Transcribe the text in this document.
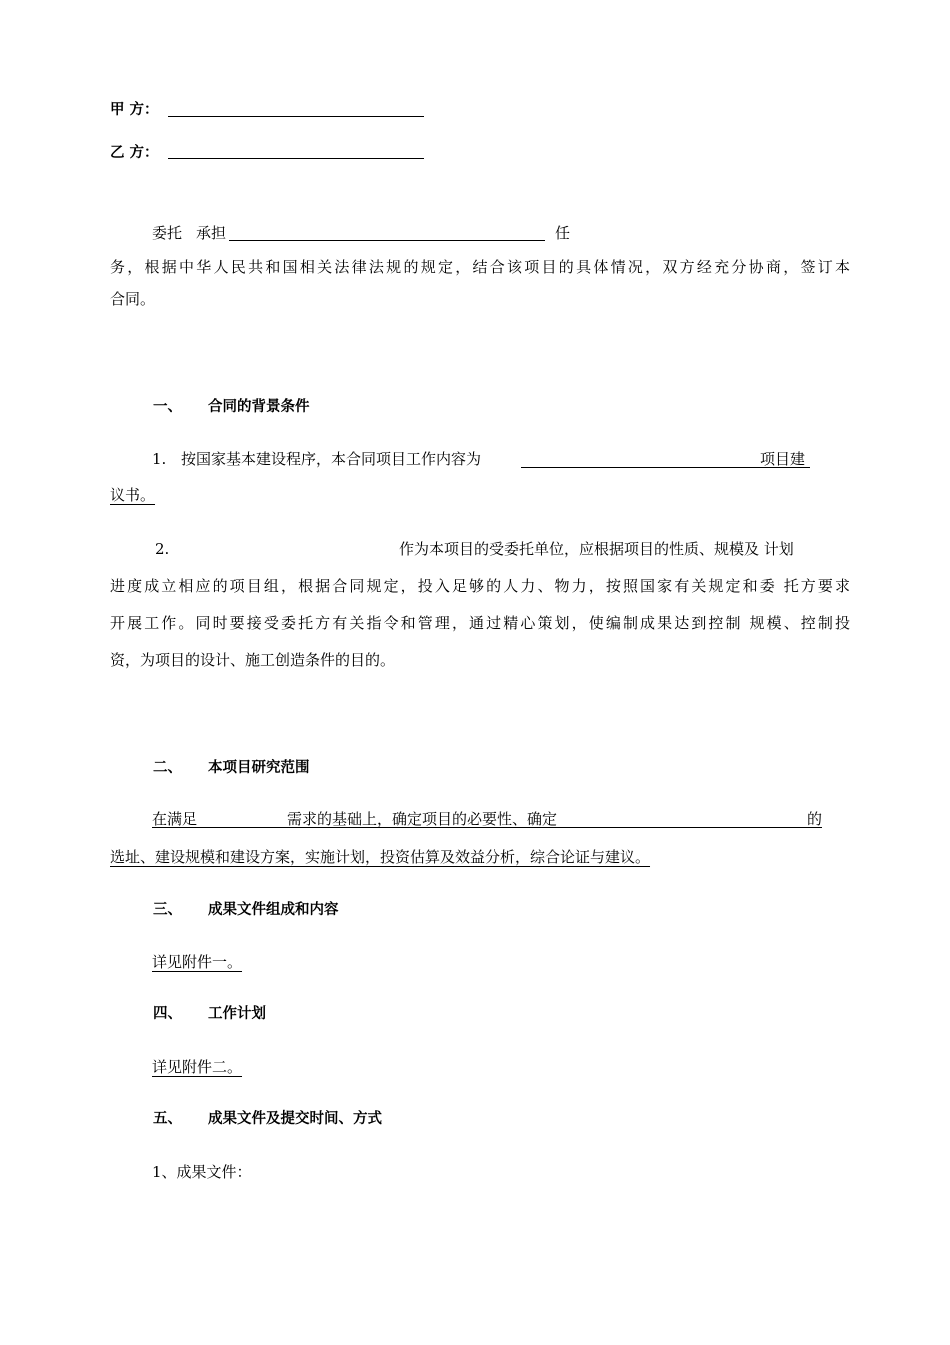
甲 方：
乙 方：
委托 承担	任
务，根据中华人民共和国相关法律法规的规定，结合该项目的具体情况，双方经充分协商，签订本
合同。
一、 合同的背景条件
1. 按国家基本建设程序，本合同项目工作内容为	项目建
议书。
2.	作为本项目的受委托单位，应根据项目的性质、规模及 计划
进度成立相应的项目组，根据合同规定，投入足够的人力、物力，按照国家有关规定和委 托方要求
开展工作。同时要接受委托方有关指令和管理，通过精心策划，使编制成果达到控制 规模、控制投
资，为项目的设计、施工创造条件的目的。
二、 本项目研究范围
在满足	需求的基础上，确定项目的必要性、确定	的
选址、建设规模和建设方案，实施计划，投资估算及效益分析，综合论证与建议。
三、 成果文件组成和内容
详见附件一。
四、 工作计划
详见附件二。
五、 成果文件及提交时间、方式
1、成果文件：
